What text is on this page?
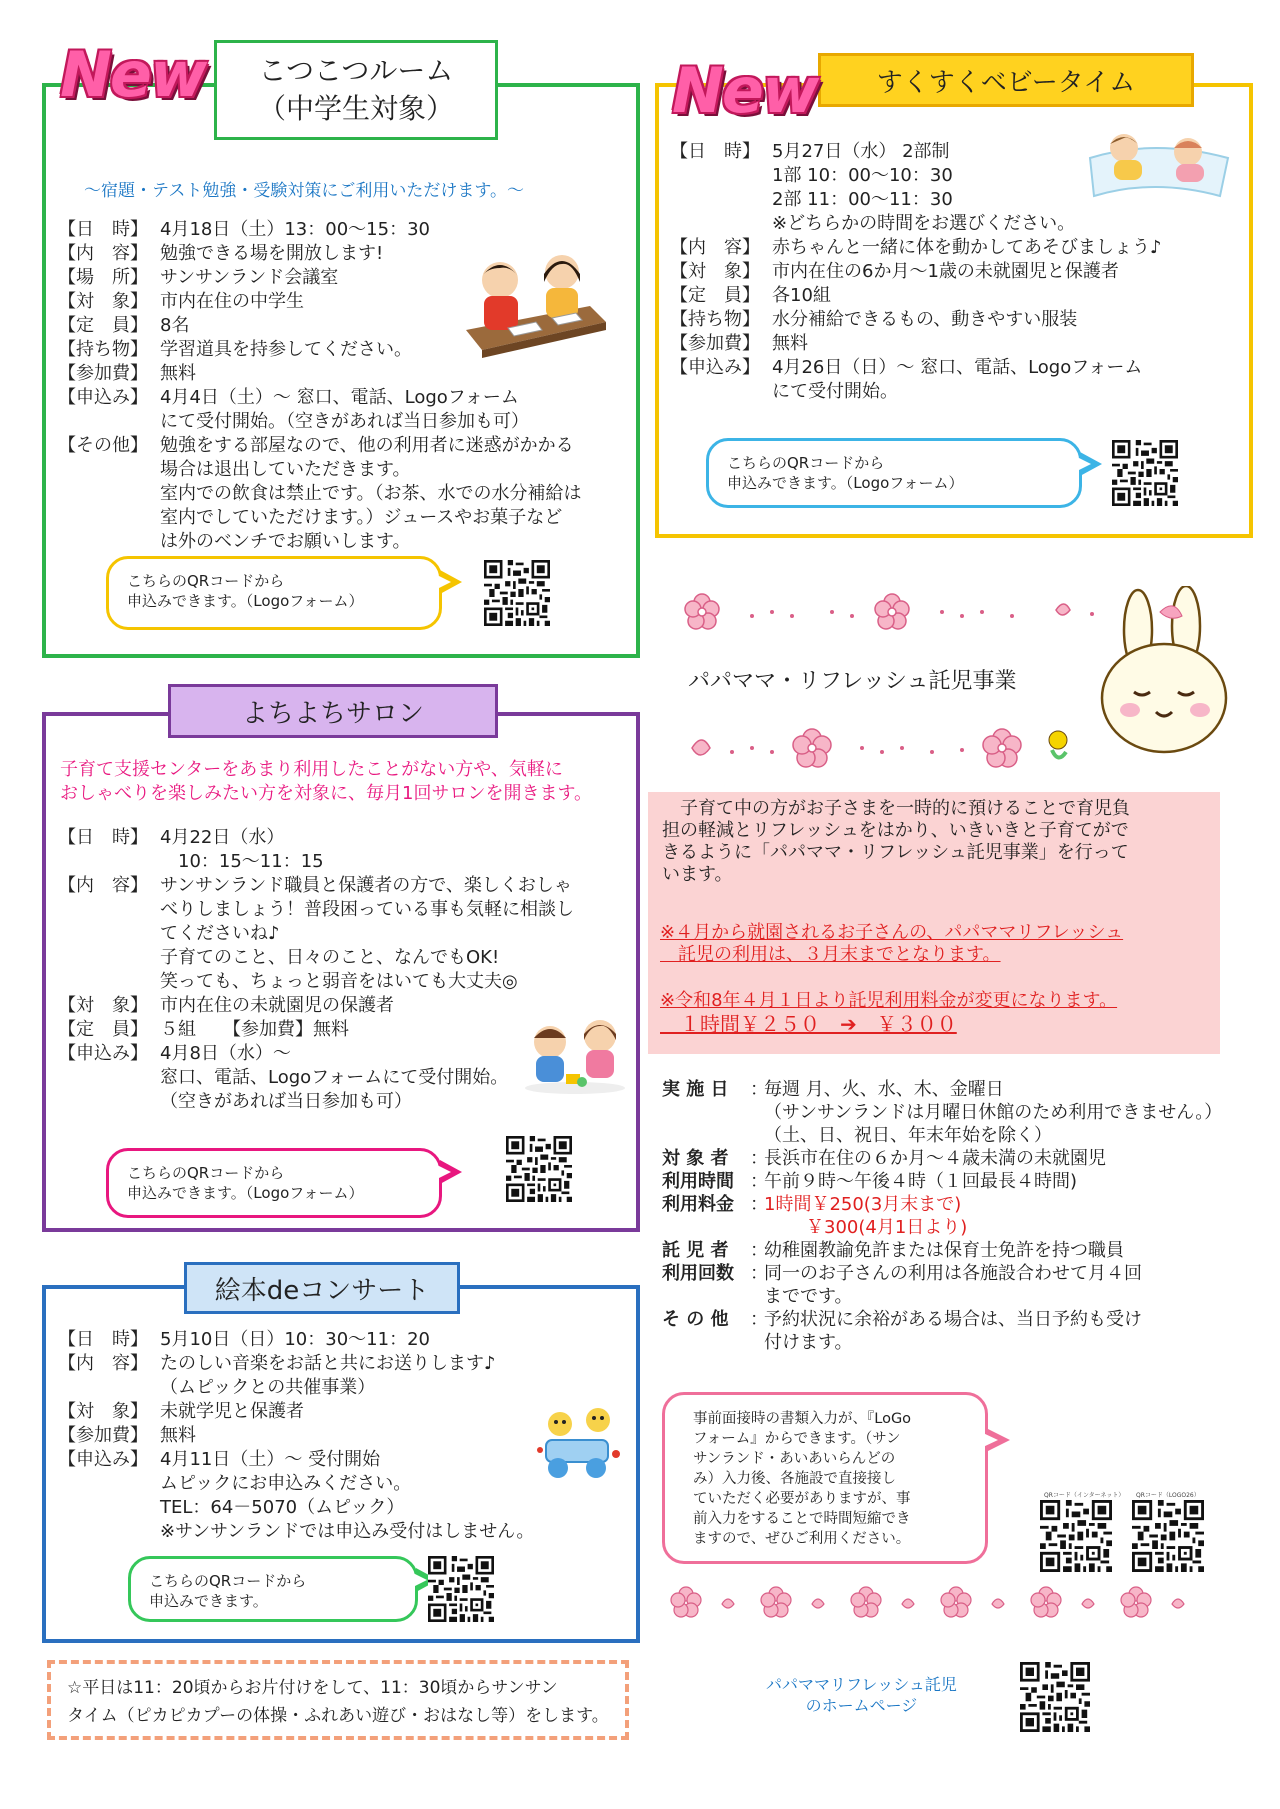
こつこつルーム
（中学生対象）
New
～宿題・テスト勉強・受験対策にご利用いただけます。～
【日　時】 4月18日（土）13：00～15：30
【内　容】 勉強できる場を開放します!
【場　所】 サンサンランド会議室
【対　象】 市内在住の中学生
【定　員】 8名
【持ち物】 学習道具を持参してください。
【参加費】 無料
【申込み】 4月4日（土）～ 窓口、電話、Logoフォーム
にて受付開始。（空きがあれば当日参加も可）
【その他】 勉強をする部屋なので、他の利用者に迷惑がかかる
場合は退出していただきます。
室内での飲食は禁止です。（お茶、水での水分補給は
室内でしていただけます。）ジュースやお菓子など
は外のベンチでお願いします。
こちらのQRコードから
申込みできます。（Logoフォーム）
すくすくベビータイム
New
【日　時】 5月27日（水） 2部制
1部 10：00～10：30
2部 11：00～11：30
※どちらかの時間をお選びください。
【内　容】 赤ちゃんと一緒に体を動かしてあそびましょう♪
【対　象】 市内在住の6か月～1歳の未就園児と保護者
【定　員】 各10組
【持ち物】 水分補給できるもの、動きやすい服装
【参加費】 無料
【申込み】 4月26日（日）～ 窓口、電話、Logoフォーム
にて受付開始。
こちらのQRコードから
申込みできます。（Logoフォーム）
よちよちサロン
子育て支援センターをあまり利用したことがない方や、気軽に
おしゃべりを楽しみたい方を対象に、毎月1回サロンを開きます。
【日　時】 4月22日（水）
　10：15～11：15
【内　容】 サンサンランド職員と保護者の方で、楽しくおしゃ
べりしましょう！普段困っている事も気軽に相談し
てくださいね♪
子育てのこと、日々のこと、なんでもOK!
笑っても、ちょっと弱音をはいても大丈夫◎
【対　象】 市内在住の未就園児の保護者
【定　員】 ５組　　【参加費】無料
【申込み】 4月8日（水）～
窓口、電話、Logoフォームにて受付開始。
（空きがあれば当日参加も可）
こちらのQRコードから
申込みできます。（Logoフォーム）
絵本deコンサート
【日　時】 5月10日（日）10：30～11：20
【内　容】 たのしい音楽をお話と共にお送りします♪
（ムピックとの共催事業）
【対　象】 未就学児と保護者
【参加費】 無料
【申込み】 4月11日（土）～ 受付開始
ムピックにお申込みください。
TEL：64－5070（ムピック）
※サンサンランドでは申込み受付はしません。
こちらのQRコードから
申込みできます。
☆平日は11：20頃からお片付けをして、11：30頃からサンサン
タイム（ピカピカプーの体操・ふれあい遊び・おはなし等）をします。
パパママ・リフレッシュ託児事業
　子育て中の方がお子さまを一時的に預けることで育児負
担の軽減とリフレッシュをはかり、いきいきと子育てがで
きるように「パパママ・リフレッシュ託児事業」を行って
います。
※４月から就園されるお子さんの、パパママリフレッシュ
　託児の利用は、３月末までとなります。
※令和8年４月１日より託児利用料金が変更になります。
　１時間￥２５０　➔　￥３００
実 施 日	：
毎週 月、火、水、木、金曜日
（サンサンランドは月曜日休館のため利用できません。）
（土、日、祝日、年末年始を除く）
対 象 者	：
長浜市在住の６か月～４歳未満の未就園児
利用時間 ：
午前９時～午後４時（１回最長４時間)
利用料金 ：
1時間￥250(3月末まで)
￥300(4月1日より)
託 児 者	：
幼稚園教諭免許または保育士免許を持つ職員
利用回数 ：
同一のお子さんの利用は各施設合わせて月４回
までです。
そ の 他	：
予約状況に余裕がある場合は、当日予約も受け
付けます。
事前面接時の書類入力が、『LoGo
フォーム』からできます。（サン
サンランド・あいあいらんどの
み）入力後、各施設で直接接し
ていただく必要がありますが、事
前入力をすることで時間短縮でき
ますので、ぜひご利用ください。
QRコード（インターネット） QRコード（LOGO26）
パパママリフレッシュ託児
のホームページ
